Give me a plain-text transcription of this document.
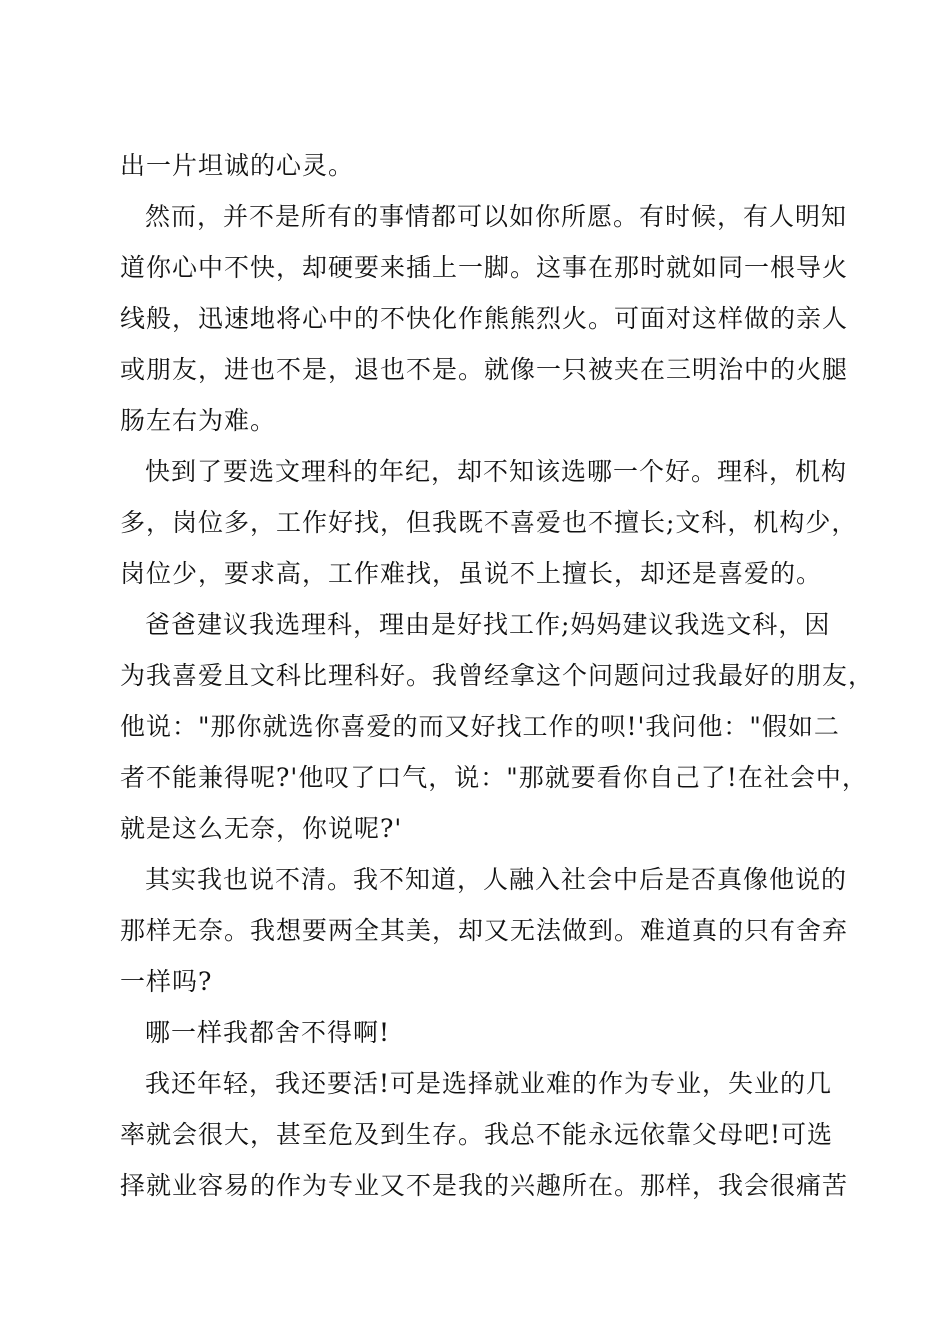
出一片坦诚的心灵。

然而，并不是所有的事情都可以如你所愿。有时候，有人明知
道你心中不快，却硬要来插上一脚。这事在那时就如同一根导火
线般，迅速地将心中的不快化作熊熊烈火。可面对这样做的亲人
或朋友，进也不是，退也不是。就像一只被夹在三明治中的火腿
肠左右为难。

快到了要选文理科的年纪，却不知该选哪一个好。理科，机构
多，岗位多，工作好找，但我既不喜爱也不擅长;文科，机构少，
岗位少，要求高，工作难找，虽说不上擅长，却还是喜爱的。

爸爸建议我选理科，理由是好找工作;妈妈建议我选文科，因
为我喜爱且文科比理科好。我曾经拿这个问题问过我最好的朋友，
他说："那你就选你喜爱的而又好找工作的呗!'我问他："假如二
者不能兼得呢?'他叹了口气，说："那就要看你自己了!在社会中，
就是这么无奈，你说呢?'

其实我也说不清。我不知道，人融入社会中后是否真像他说的
那样无奈。我想要两全其美，却又无法做到。难道真的只有舍弃
一样吗?

哪一样我都舍不得啊!

我还年轻，我还要活!可是选择就业难的作为专业，失业的几
率就会很大，甚至危及到生存。我总不能永远依靠父母吧!可选
择就业容易的作为专业又不是我的兴趣所在。那样，我会很痛苦
